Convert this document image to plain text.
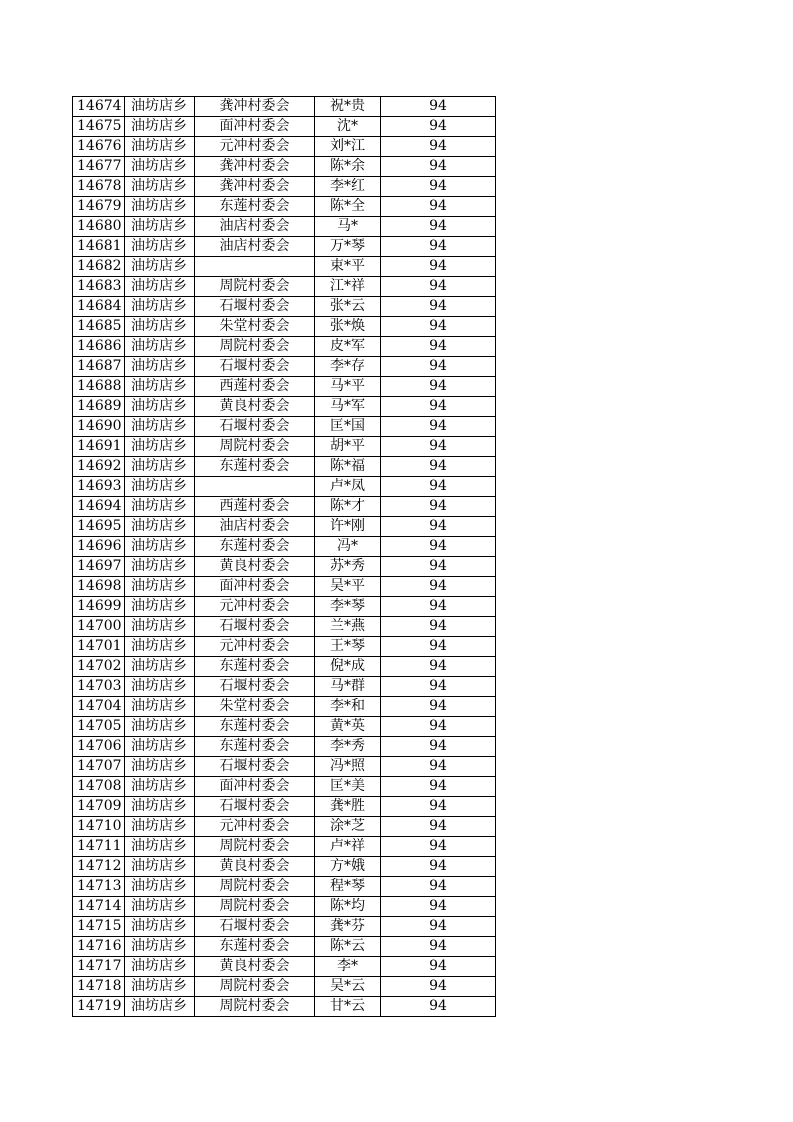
14674	油坊店乡	龚冲村委会	祝*贵	94
14675	油坊店乡	面冲村委会	沈*	94
14676	油坊店乡	元冲村委会	刘*江	94
14677	油坊店乡	龚冲村委会	陈*余	94
14678	油坊店乡	龚冲村委会	李*红	94
14679	油坊店乡	东莲村委会	陈*全	94
14680	油坊店乡	油店村委会	马*	94
14681	油坊店乡	油店村委会	万*琴	94
14682	油坊店乡		束*平	94
14683	油坊店乡	周院村委会	江*祥	94
14684	油坊店乡	石堰村委会	张*云	94
14685	油坊店乡	朱堂村委会	张*焕	94
14686	油坊店乡	周院村委会	皮*军	94
14687	油坊店乡	石堰村委会	李*存	94
14688	油坊店乡	西莲村委会	马*平	94
14689	油坊店乡	黄良村委会	马*军	94
14690	油坊店乡	石堰村委会	匡*国	94
14691	油坊店乡	周院村委会	胡*平	94
14692	油坊店乡	东莲村委会	陈*福	94
14693	油坊店乡		卢*凤	94
14694	油坊店乡	西莲村委会	陈*才	94
14695	油坊店乡	油店村委会	许*刚	94
14696	油坊店乡	东莲村委会	冯*	94
14697	油坊店乡	黄良村委会	苏*秀	94
14698	油坊店乡	面冲村委会	吴*平	94
14699	油坊店乡	元冲村委会	李*琴	94
14700	油坊店乡	石堰村委会	兰*燕	94
14701	油坊店乡	元冲村委会	王*琴	94
14702	油坊店乡	东莲村委会	倪*成	94
14703	油坊店乡	石堰村委会	马*群	94
14704	油坊店乡	朱堂村委会	李*和	94
14705	油坊店乡	东莲村委会	黄*英	94
14706	油坊店乡	东莲村委会	李*秀	94
14707	油坊店乡	石堰村委会	冯*照	94
14708	油坊店乡	面冲村委会	匡*美	94
14709	油坊店乡	石堰村委会	龚*胜	94
14710	油坊店乡	元冲村委会	涂*芝	94
14711	油坊店乡	周院村委会	卢*祥	94
14712	油坊店乡	黄良村委会	方*娥	94
14713	油坊店乡	周院村委会	程*琴	94
14714	油坊店乡	周院村委会	陈*均	94
14715	油坊店乡	石堰村委会	龚*芬	94
14716	油坊店乡	东莲村委会	陈*云	94
14717	油坊店乡	黄良村委会	李*	94
14718	油坊店乡	周院村委会	吴*云	94
14719	油坊店乡	周院村委会	甘*云	94
